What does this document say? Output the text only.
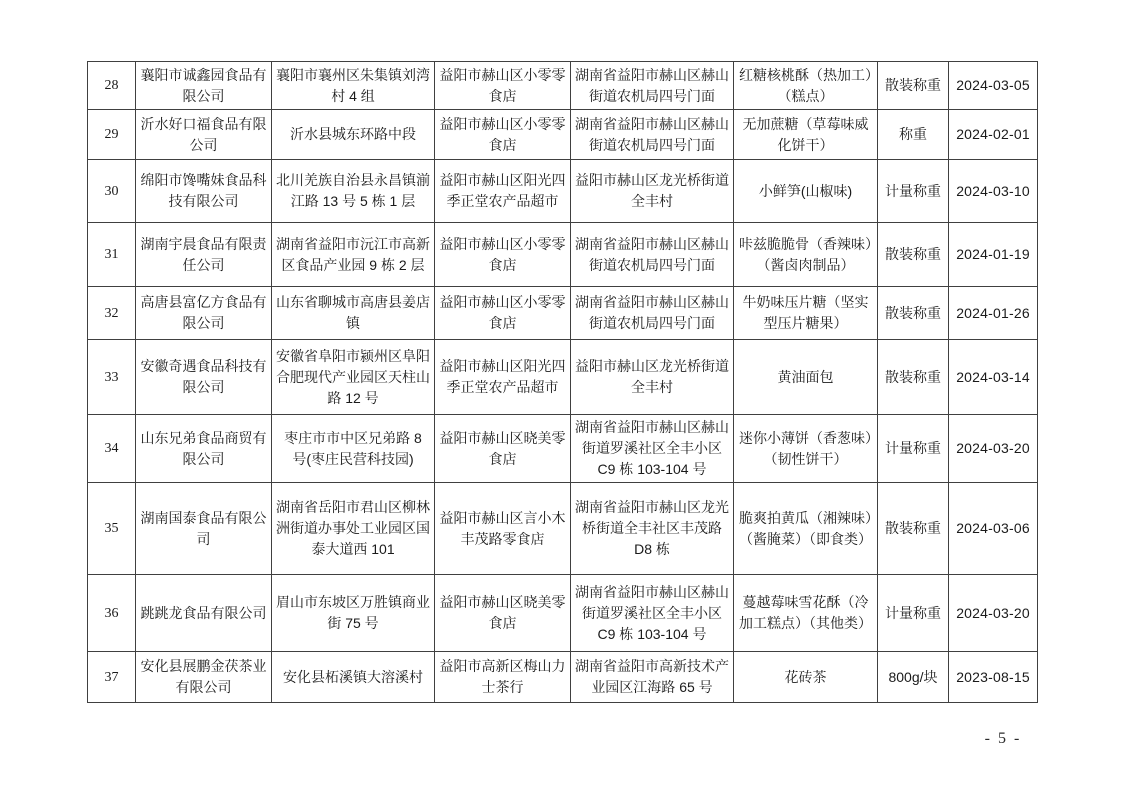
28	襄阳市诚鑫园食品有限公司	襄阳市襄州区朱集镇刘湾村 4 组	益阳市赫山区小零零食店	湖南省益阳市赫山区赫山街道农机局四号门面	红糖核桃酥（热加工）（糕点）	散装称重	2024-03-05
29	沂水好口福食品有限公司	沂水县城东环路中段	益阳市赫山区小零零食店	湖南省益阳市赫山区赫山街道农机局四号门面	无加蔗糖（草莓味威化饼干）	称重	2024-02-01
30	绵阳市馋嘴妹食品科技有限公司	北川羌族自治县永昌镇湔江路 13 号 5 栋 1 层	益阳市赫山区阳光四季正堂农产品超市	益阳市赫山区龙光桥街道全丰村	小鲜笋(山椒味)	计量称重	2024-03-10
31	湖南宇晨食品有限责任公司	湖南省益阳市沅江市高新区食品产业园 9 栋 2 层	益阳市赫山区小零零食店	湖南省益阳市赫山区赫山街道农机局四号门面	咔兹脆脆骨（香辣味）（酱卤肉制品）	散装称重	2024-01-19
32	高唐县富亿方食品有限公司	山东省聊城市高唐县姜店镇	益阳市赫山区小零零食店	湖南省益阳市赫山区赫山街道农机局四号门面	牛奶味压片糖（坚实型压片糖果）	散装称重	2024-01-26
33	安徽奇遇食品科技有限公司	安徽省阜阳市颍州区阜阳合肥现代产业园区天柱山路 12 号	益阳市赫山区阳光四季正堂农产品超市	益阳市赫山区龙光桥街道全丰村	黄油面包	散装称重	2024-03-14
34	山东兄弟食品商贸有限公司	枣庄市市中区兄弟路 8 号(枣庄民营科技园)	益阳市赫山区晓美零食店	湖南省益阳市赫山区赫山街道罗溪社区全丰小区 C9 栋 103-104 号	迷你小薄饼（香葱味）（韧性饼干）	计量称重	2024-03-20
35	湖南国泰食品有限公司	湖南省岳阳市君山区柳林洲街道办事处工业园区国泰大道西 101	益阳市赫山区言小木丰茂路零食店	湖南省益阳市赫山区龙光桥街道全丰社区丰茂路 D8 栋	脆爽拍黄瓜（湘辣味）（酱腌菜）（即食类）	散装称重	2024-03-06
36	跳跳龙食品有限公司	眉山市东坡区万胜镇商业街 75 号	益阳市赫山区晓美零食店	湖南省益阳市赫山区赫山街道罗溪社区全丰小区 C9 栋 103-104 号	蔓越莓味雪花酥（冷加工糕点）（其他类）	计量称重	2024-03-20
37	安化县展鹏金茯茶业有限公司	安化县柘溪镇大溶溪村	益阳市高新区梅山力士茶行	湖南省益阳市高新技术产业园区江海路 65 号	花砖茶	800g/块	2023-08-15
- 5 -
